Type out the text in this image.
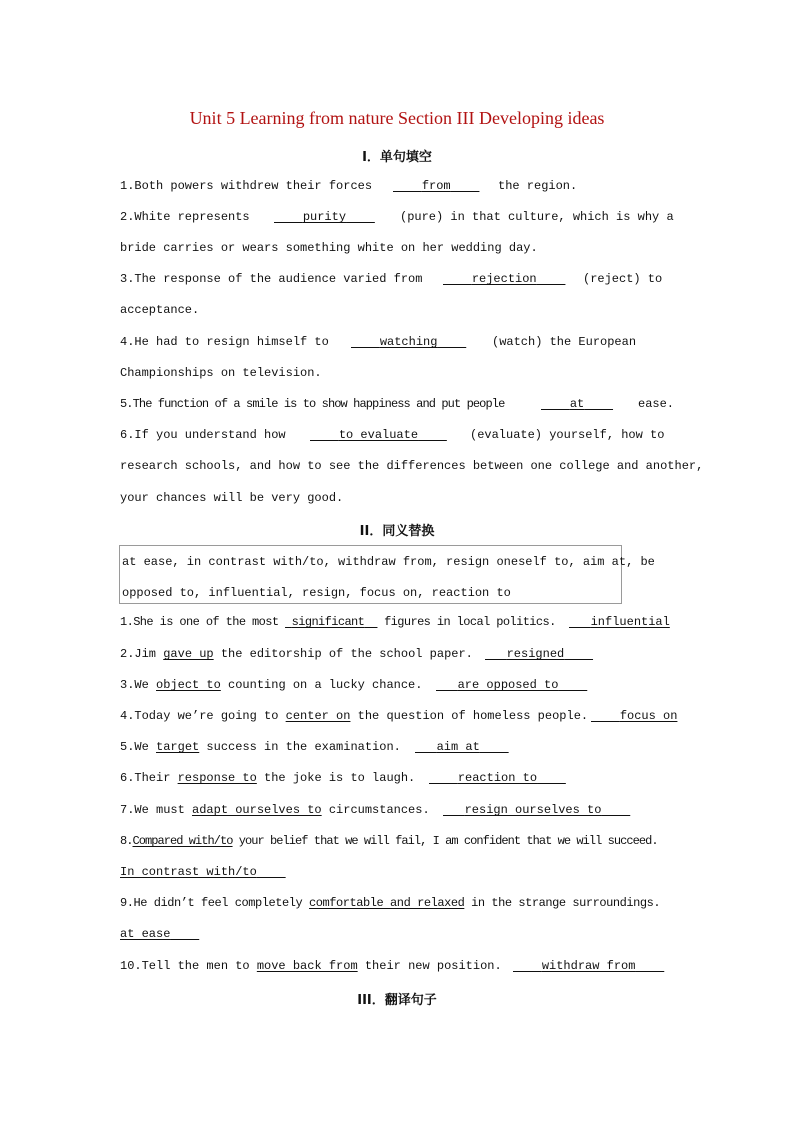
Unit 5 Learning from nature Section III Developing ideas
I．单句填空
1.Both powers withdrew their forces	from	the region.
2.White represents	purity	(pure) in that culture, which is why a
bride carries or wears something white on her wedding day.
3.The response of the audience varied from	rejection	(reject) to
acceptance.
4.He had to resign himself to	watching	(watch) the European
Championships on television.
5.The function of a smile is to show happiness and put people	at	ease.
6.If you understand how	to evaluate	(evaluate) yourself, how to
research schools, and how to see the differences between one college and another,
your chances will be very good.
II．同义替换
at ease, in contrast with/to, withdraw from, resign oneself to, aim at, be
opposed to, influential, resign, focus on, reaction to
1.She is one of the most  significant   figures in local politics.	influential
2.Jim gave up the editorship of the school paper.	resigned
3.We object to counting on a lucky chance.	are opposed to
4.Today we’re going to center on the question of homeless people.	focus on
5.We target success in the examination.	aim at
6.Their response to the joke is to laugh.	reaction to
7.We must adapt ourselves to circumstances.	resign ourselves to
8.Compared with/to your belief that we will fail, I am confident that we will succeed.
In contrast with/to
9.He didn’t feel completely comfortable and relaxed in the strange surroundings.
at ease
10.Tell the men to move back from their new position.	withdraw from
III．翻译句子
